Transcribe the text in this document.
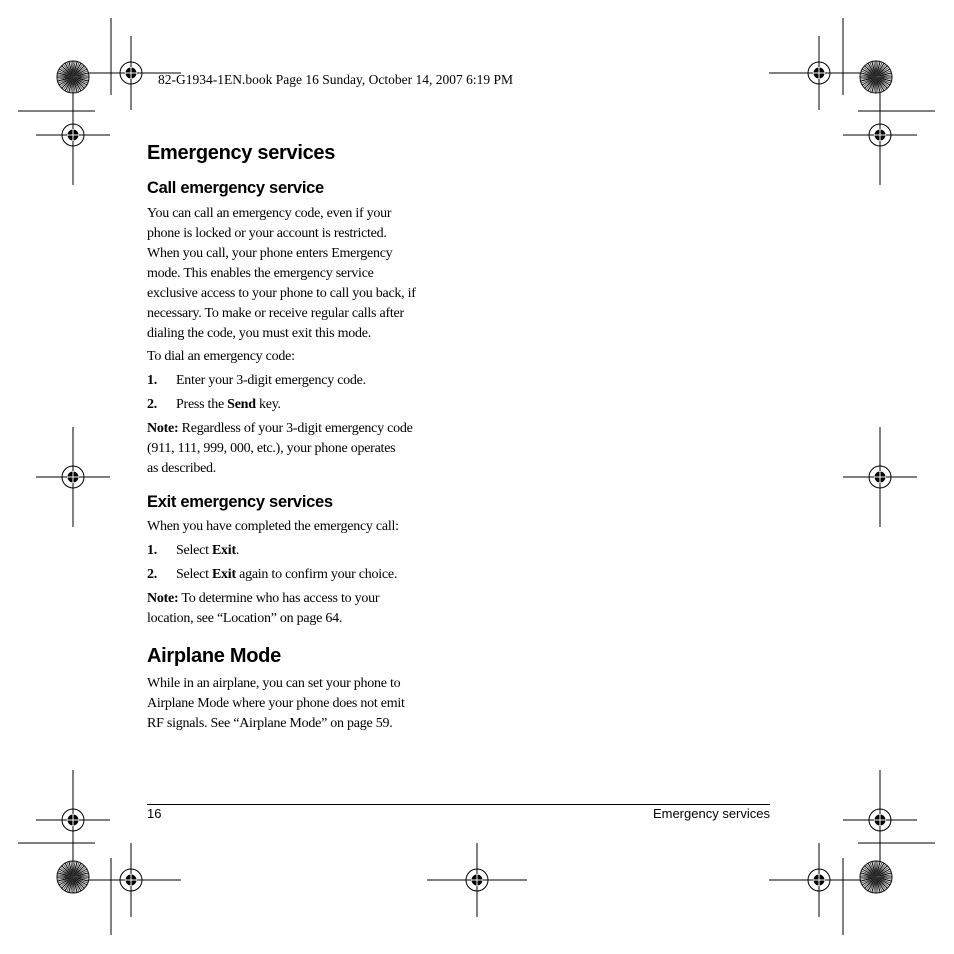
82-G1934-1EN.book Page 16 Sunday, October 14, 2007 6:19 PM
Emergency services
Call emergency service
You can call an emergency code, even if your
phone is locked or your account is restricted.
When you call, your phone enters Emergency
mode. This enables the emergency service
exclusive access to your phone to call you back, if
necessary. To make or receive regular calls after
dialing the code, you must exit this mode.
To dial an emergency code:
1. Enter your 3-digit emergency code.
2. Press the Send key.
Note: Regardless of your 3-digit emergency code
(911, 111, 999, 000, etc.), your phone operates
as described.
Exit emergency services
When you have completed the emergency call:
1. Select Exit.
2. Select Exit again to confirm your choice.
Note: To determine who has access to your
location, see “Location” on page 64.
Airplane Mode
While in an airplane, you can set your phone to
Airplane Mode where your phone does not emit
RF signals. See “Airplane Mode” on page 59.
16	Emergency services
